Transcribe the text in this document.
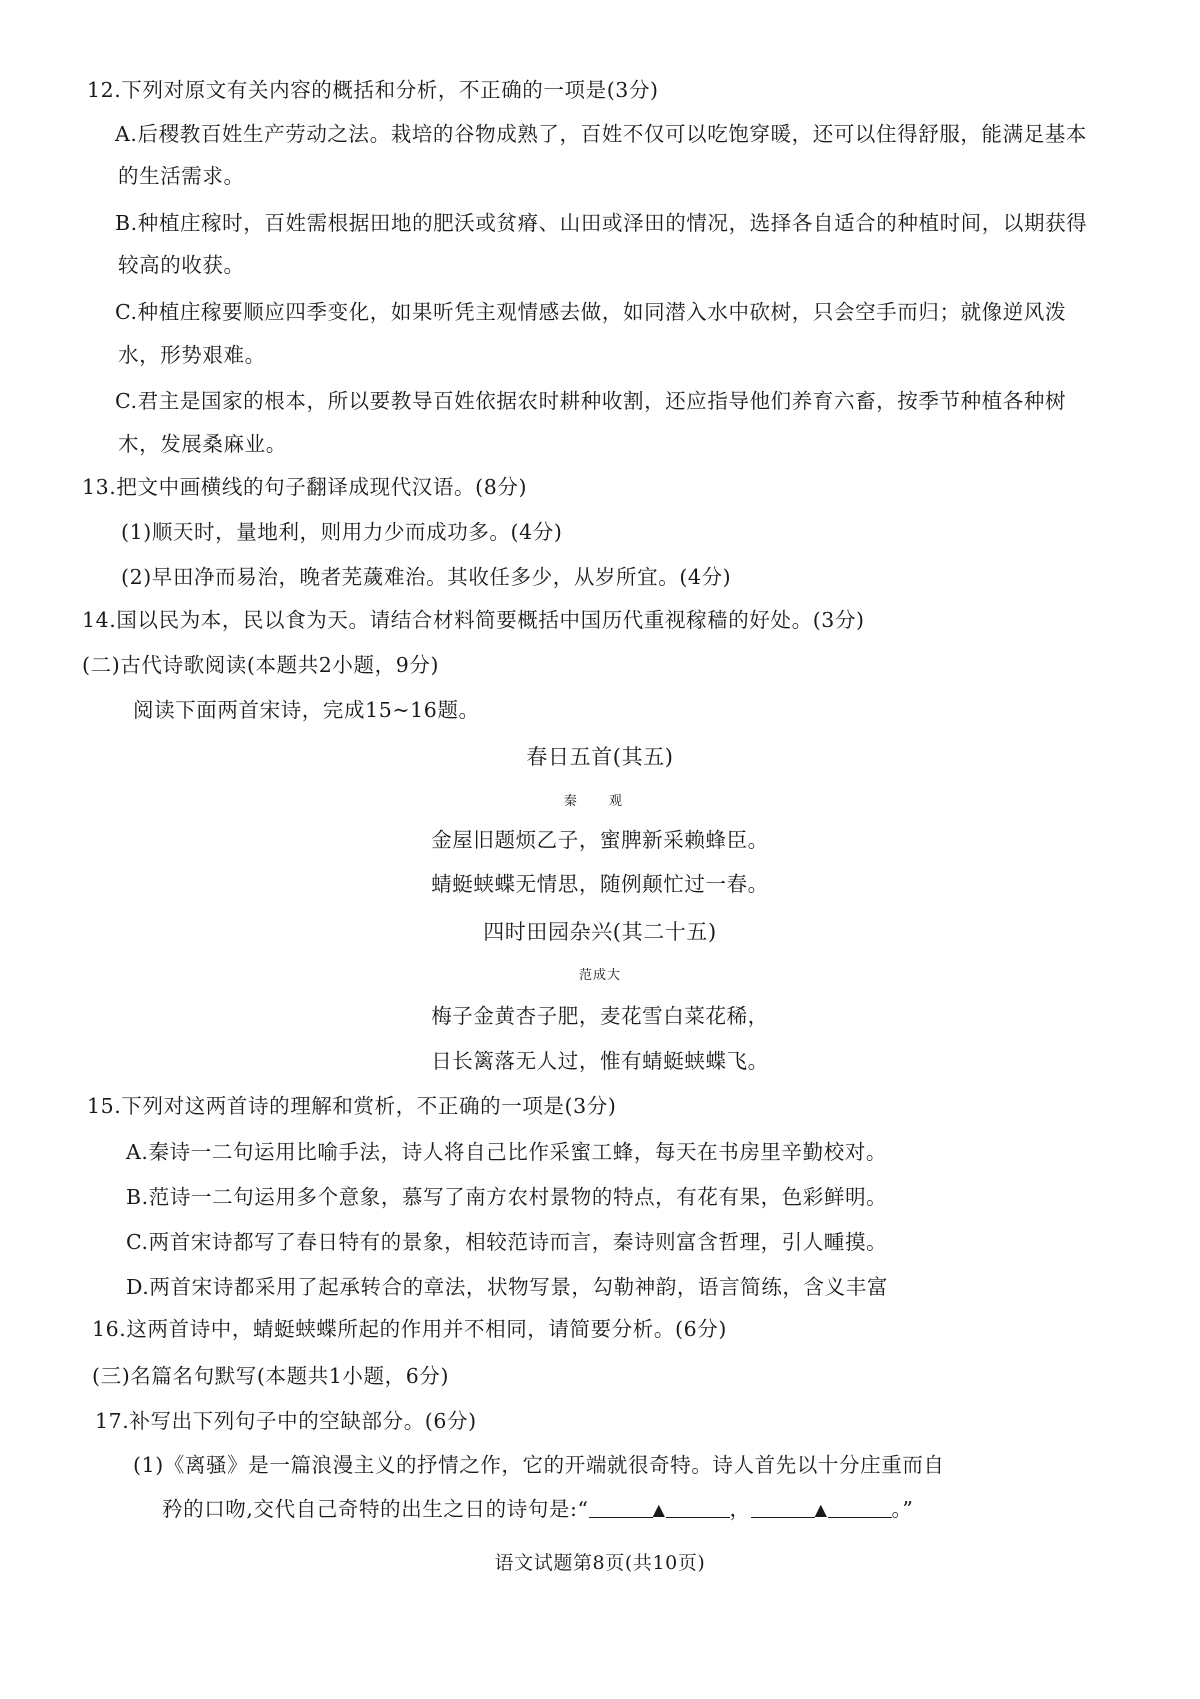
12.下列对原文有关内容的概括和分析，不正确的一项是(3分)
A.后稷教百姓生产劳动之法。栽培的谷物成熟了，百姓不仅可以吃饱穿暖，还可以住得舒服，能满足基本
的生活需求。
B.种植庄稼时，百姓需根据田地的肥沃或贫瘠、山田或泽田的情况，选择各自适合的种植时间，以期获得
较高的收获。
C.种植庄稼要顺应四季变化，如果听凭主观情感去做，如同潜入水中砍树，只会空手而归；就像逆风泼
水，形势艰难。
C.君主是国家的根本，所以要教导百姓依据农时耕种收割，还应指导他们养育六畜，按季节种植各种树
木，发展桑麻业。
13.把文中画横线的句子翻译成现代汉语。(8分)
(1)顺天时，量地利，则用力少而成功多。(4分)
(2)早田净而易治，晚者芜薉难治。其收任多少，从岁所宜。(4分)
14.国以民为本，民以食为天。请结合材料简要概括中国历代重视稼穑的好处。(3分)
(二)古代诗歌阅读(本题共2小题，9分)
阅读下面两首宋诗，完成15~16题。
春日五首(其五)
秦 观
金屋旧题烦乙子，蜜脾新采赖蜂臣。
蜻蜓蛱蝶无情思，随例颠忙过一春。
四时田园杂兴(其二十五)
范成大
梅子金黄杏子肥，麦花雪白菜花稀，
日长篱落无人过，惟有蜻蜓蛱蝶飞。
15.下列对这两首诗的理解和赏析，不正确的一项是(3分)
A.秦诗一二句运用比喻手法，诗人将自己比作采蜜工蜂，每天在书房里辛勤校对。
B.范诗一二句运用多个意象，慕写了南方农村景物的特点，有花有果，色彩鲜明。
C.两首宋诗都写了春日特有的景象，相较范诗而言，秦诗则富含哲理，引人畽摸。
D.两首宋诗都采用了起承转合的章法，状物写景，勾勒神韵，语言简练，含义丰富
16.这两首诗中，蜻蜓蛱蝶所起的作用并不相同，请简要分析。(6分)
(三)名篇名句默写(本题共1小题，6分)
17.补写出下列句子中的空缺部分。(6分)
(1)《离骚》是一篇浪漫主义的抒情之作，它的开端就很奇特。诗人首先以十分庄重而自
矜的口吻,交代自己奇特的出生之日的诗句是:“	▲	，	▲	。”
语文试题第8页(共10页)
